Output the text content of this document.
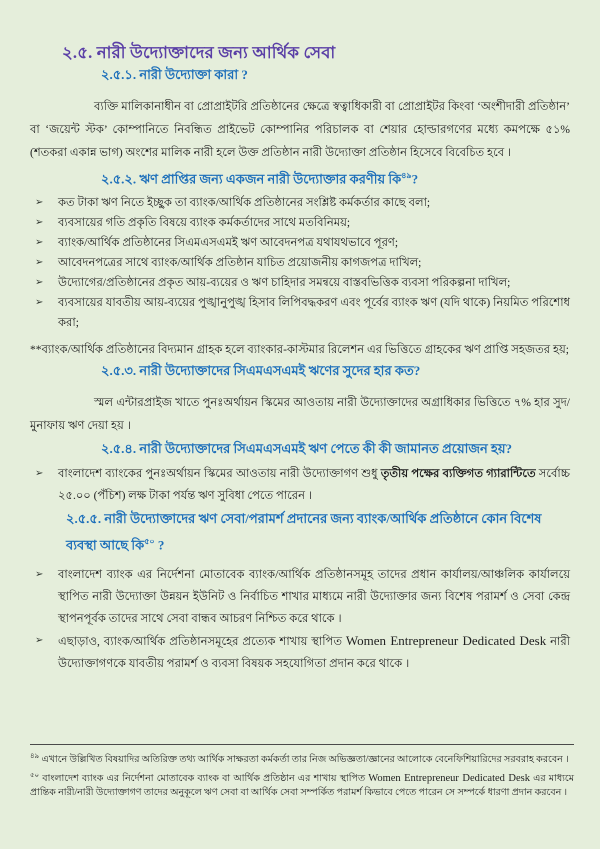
২.৫. নারী উদ্যোক্তাদের জন্য আর্থিক সেবা
২.৫.১. নারী উদ্যোক্তা কারা ?

ব্যক্তি মালিকানাধীন বা প্রোপ্রাইটরি প্রতিষ্ঠানের ক্ষেত্রে স্বত্বাধিকারী বা প্রোপ্রাইটর কিংবা ‘অংশীদারী প্রতিষ্ঠান’ বা ‘জয়েন্ট স্টক’ কোম্পানিতে নিবন্ধিত প্রাইভেট কোম্পানির পরিচালক বা শেয়ার হোল্ডারগণের মধ্যে কমপক্ষে ৫১% (শতকরা একান্ন ভাগ) অংশের মালিক নারী হলে উক্ত প্রতিষ্ঠান নারী উদ্যোক্তা প্রতিষ্ঠান হিসেবে বিবেচিত হবে ।

২.৫.২. ঋণ প্রাপ্তির জন্য একজন নারী উদ্যোক্তার করণীয় কি$^{৪৯}$?
➢ কত টাকা ঋণ নিতে ইচ্ছুক তা ব্যাংক/আর্থিক প্রতিষ্ঠানের সংশ্লিষ্ট কর্মকর্তার কাছে বলা;
➢ ব্যবসায়ের গতি প্রকৃতি বিষয়ে ব্যাংক কর্মকর্তাদের সাথে মতবিনিময়;
➢ ব্যাংক/আর্থিক প্রতিষ্ঠানের সিএমএসএমই ঋণ আবেদনপত্র যথাযথভাবে পূরণ;
➢ আবেদনপত্রের সাথে ব্যাংক/আর্থিক প্রতিষ্ঠান যাচিত প্রয়োজনীয় কাগজপত্র দাখিল;
➢ উদ্যোগের/প্রতিষ্ঠানের প্রকৃত আয়-ব্যয়ের ও ঋণ চাহিদার সমন্বয়ে বাস্তবভিত্তিক ব্যবসা পরিকল্পনা দাখিল;
➢ ব্যবসায়ের যাবতীয় আয়-ব্যয়ের পুঙ্খানুপুঙ্খ হিসাব লিপিবদ্ধকরণ এবং পূর্বের ব্যাংক ঋণ (যদি থাকে) নিয়মিত পরিশোধ করা;

**ব্যাংক/আর্থিক প্রতিষ্ঠানের বিদ্যমান গ্রাহক হলে ব্যাংকার-কাস্টমার রিলেশন এর ভিত্তিতে গ্রাহকের ঋণ প্রাপ্তি সহজতর হয়;

২.৫.৩. নারী উদ্যোক্তাদের সিএমএসএমই ঋণের সুদের হার কত?

স্মল এন্টারপ্রাইজ খাতে পুনঃঅর্থায়ন স্কিমের আওতায় নারী উদ্যোক্তাদের অগ্রাধিকার ভিত্তিতে ৭% হার সুদ/মুনাফায় ঋণ দেয়া হয় ।

২.৫.৪. নারী উদ্যোক্তাদের সিএমএসএমই ঋণ পেতে কী কী জামানত প্রয়োজন হয়?
➢ বাংলাদেশ ব্যাংকের পুনঃঅর্থায়ন স্কিমের আওতায় নারী উদ্যোক্তাগণ শুধু তৃতীয় পক্ষের ব্যক্তিগত গ্যারান্টিতে সর্বোচ্চ ২৫.০০ (পঁচিশ) লক্ষ টাকা পর্যন্ত ঋণ সুবিধা পেতে পারেন ।
২.৫.৫. নারী উদ্যোক্তাদের ঋণ সেবা/পরামর্শ প্রদানের জন্য ব্যাংক/আর্থিক প্রতিষ্ঠানে কোন বিশেষ ব্যবস্থা আছে কি$^{৫০}$ ?
➢ বাংলাদেশ ব্যাংক এর নির্দেশনা মোতাবেক ব্যাংক/আর্থিক প্রতিষ্ঠানসমূহ তাদের প্রধান কার্যালয়/আঞ্চলিক কার্যালয়ে স্থাপিত নারী উদ্যোক্তা উন্নয়ন ইউনিট ও নির্বাচিত শাখার মাধ্যমে নারী উদ্যোক্তার জন্য বিশেষ পরামর্শ ও সেবা কেন্দ্র স্থাপনপূর্বক তাদের সাথে সেবা বান্ধব আচরণ নিশ্চিত করে থাকে ।
➢ এছাড়াও, ব্যাংক/আর্থিক প্রতিষ্ঠানসমূহের প্রত্যেক শাখায় স্থাপিত Women Entrepreneur Dedicated Desk নারী উদ্যোক্তাগণকে যাবতীয় পরামর্শ ও ব্যবসা বিষয়ক সহযোগিতা প্রদান করে থাকে ।

$^{৪৯}$ এখানে উল্লিখিত বিষয়াদির অতিরিক্ত তথ্য আর্থিক সাক্ষরতা কর্মকর্তা তার নিজ অভিজ্ঞতা/জ্ঞানের আলোকে বেনেফিশিয়ারিদের সরবরাহ করবেন ।

$^{৫০}$ বাংলাদেশ ব্যাংক এর নির্দেশনা মোতাবেক ব্যাংক বা আর্থিক প্রতিষ্ঠান এর শাখায় স্থাপিত Women Entrepreneur Dedicated Desk এর মাধ্যমে প্রান্তিক নারী/নারী উদ্যোক্তাগণ তাদের অনুকূলে ঋণ সেবা বা আর্থিক সেবা সম্পর্কিত পরামর্শ কিভাবে পেতে পারেন সে সম্পর্কে ধারণা প্রদান করবেন ।
